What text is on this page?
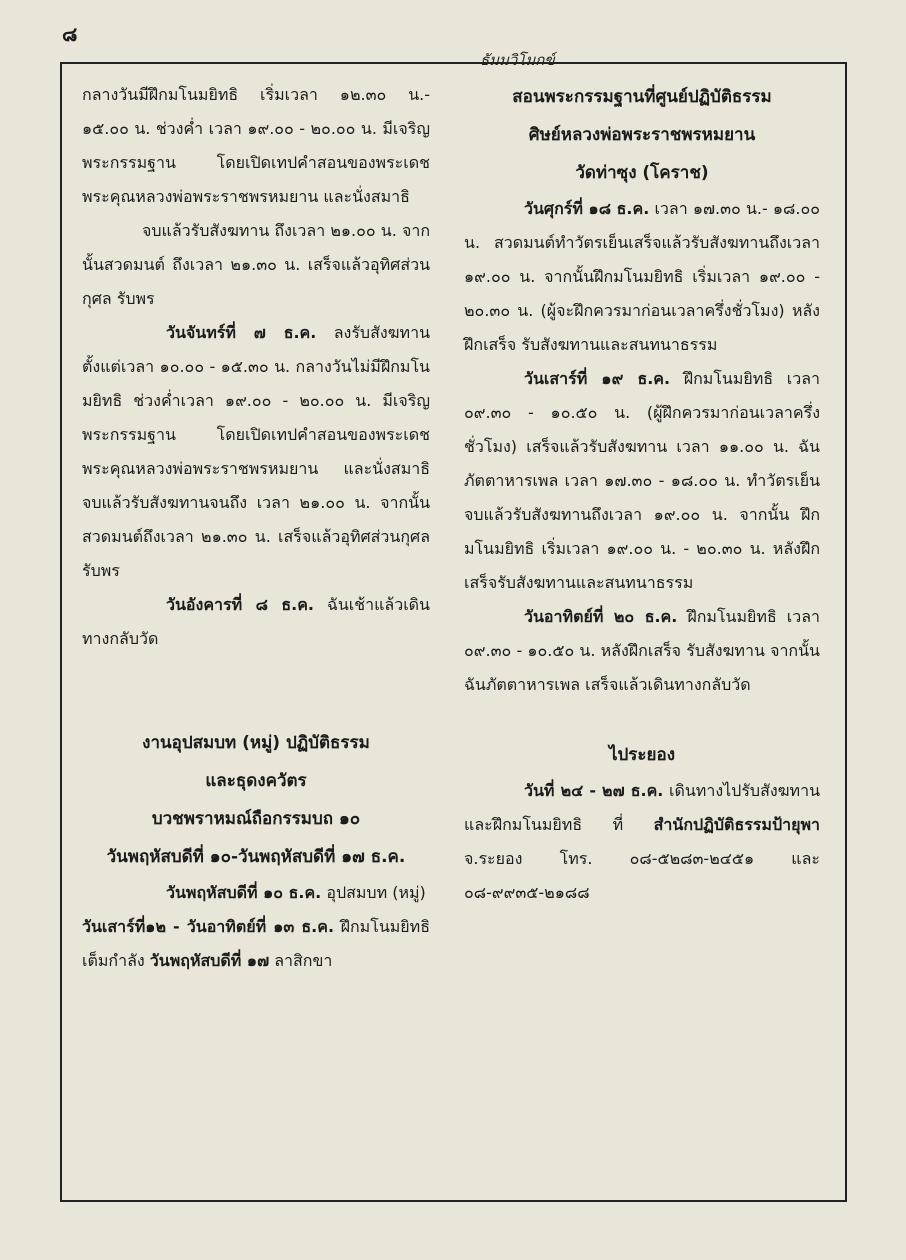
๘
ธัมมวิโมกข์

กลางวันมีฝึกมโนมยิทธิ เริ่มเวลา ๑๒.๓๐ น.- ๑๕.๐๐ น. ช่วงค่ำ เวลา ๑๙.๐๐ - ๒๐.๐๐ น. มีเจริญพระกรรมฐาน โดยเปิดเทปคำสอนของพระเดชพระคุณหลวงพ่อพระราชพรหมยาน และนั่งสมาธิ

จบแล้วรับสังฆทาน ถึงเวลา ๒๑.๐๐ น. จากนั้นสวดมนต์ ถึงเวลา ๒๑.๓๐ น. เสร็จแล้วอุทิศส่วนกุศล รับพร

วันจันทร์ที่ ๗ ธ.ค. ลงรับสังฆทาน ตั้งแต่เวลา ๑๐.๐๐ - ๑๕.๓๐ น. กลางวันไม่มีฝึกมโนมยิทธิ ช่วงค่ำเวลา ๑๙.๐๐ - ๒๐.๐๐ น. มีเจริญพระกรรมฐาน โดยเปิดเทปคำสอนของพระเดชพระคุณหลวงพ่อพระราชพรหมยาน และนั่งสมาธิ จบแล้วรับสังฆทานจนถึง เวลา ๒๑.๐๐ น. จากนั้นสวดมนต์ถึงเวลา ๒๑.๓๐ น. เสร็จแล้วอุทิศส่วนกุศล รับพร

วันอังคารที่ ๘ ธ.ค. ฉันเช้าแล้วเดินทางกลับวัด

งานอุปสมบท (หมู่) ปฏิบัติธรรม

และธุดงควัตร

บวชพราหมณ์ถือกรรมบถ ๑๐

วันพฤหัสบดีที่ ๑๐-วันพฤหัสบดีที่ ๑๗ ธ.ค.

วันพฤหัสบดีที่ ๑๐ ธ.ค. อุปสมบท (หมู่)

วันเสาร์ที่๑๒ - วันอาทิตย์ที่ ๑๓ ธ.ค. ฝึกมโนมยิทธิ เต็มกำลัง วันพฤหัสบดีที่ ๑๗ ลาสิกขา

สอนพระกรรมฐานที่ศูนย์ปฏิบัติธรรม

ศิษย์หลวงพ่อพระราชพรหมยาน

วัดท่าซุง (โคราช)

วันศุกร์ที่ ๑๘ ธ.ค. เวลา ๑๗.๓๐ น.- ๑๘.๐๐ น. สวดมนต์ทำวัตรเย็นเสร็จแล้วรับสังฆทานถึงเวลา ๑๙.๐๐ น. จากนั้นฝึกมโนมยิทธิ เริ่มเวลา ๑๙.๐๐ - ๒๐.๓๐ น. (ผู้จะฝึกควรมาก่อนเวลาครึ่งชั่วโมง) หลังฝึกเสร็จ รับสังฆทานและสนทนาธรรม

วันเสาร์ที่ ๑๙ ธ.ค. ฝึกมโนมยิทธิ เวลา ๐๙.๓๐ - ๑๐.๕๐ น. (ผู้ฝึกควรมาก่อนเวลาครึ่งชั่วโมง) เสร็จแล้วรับสังฆทาน เวลา ๑๑.๐๐ น. ฉันภัตตาหารเพล เวลา ๑๗.๓๐ - ๑๘.๐๐ น. ทำวัตรเย็น จบแล้วรับสังฆทานถึงเวลา ๑๙.๐๐ น. จากนั้น ฝึกมโนมยิทธิ เริ่มเวลา ๑๙.๐๐ น. - ๒๐.๓๐ น. หลังฝึกเสร็จรับสังฆทานและสนทนาธรรม

วันอาทิตย์ที่ ๒๐ ธ.ค. ฝึกมโนมยิทธิ เวลา ๐๙.๓๐ - ๑๐.๕๐ น. หลังฝึกเสร็จ รับสังฆทาน จากนั้นฉันภัตตาหารเพล เสร็จแล้วเดินทางกลับวัด

ไประยอง

วันที่ ๒๔ - ๒๗ ธ.ค. เดินทางไปรับสังฆทานและฝึกมโนมยิทธิ ที่ สำนักปฏิบัติธรรมป้ายุพา จ.ระยอง โทร. ๐๘-๕๒๘๓-๒๔๕๑ และ ๐๘-๙๙๓๕-๒๑๘๘
